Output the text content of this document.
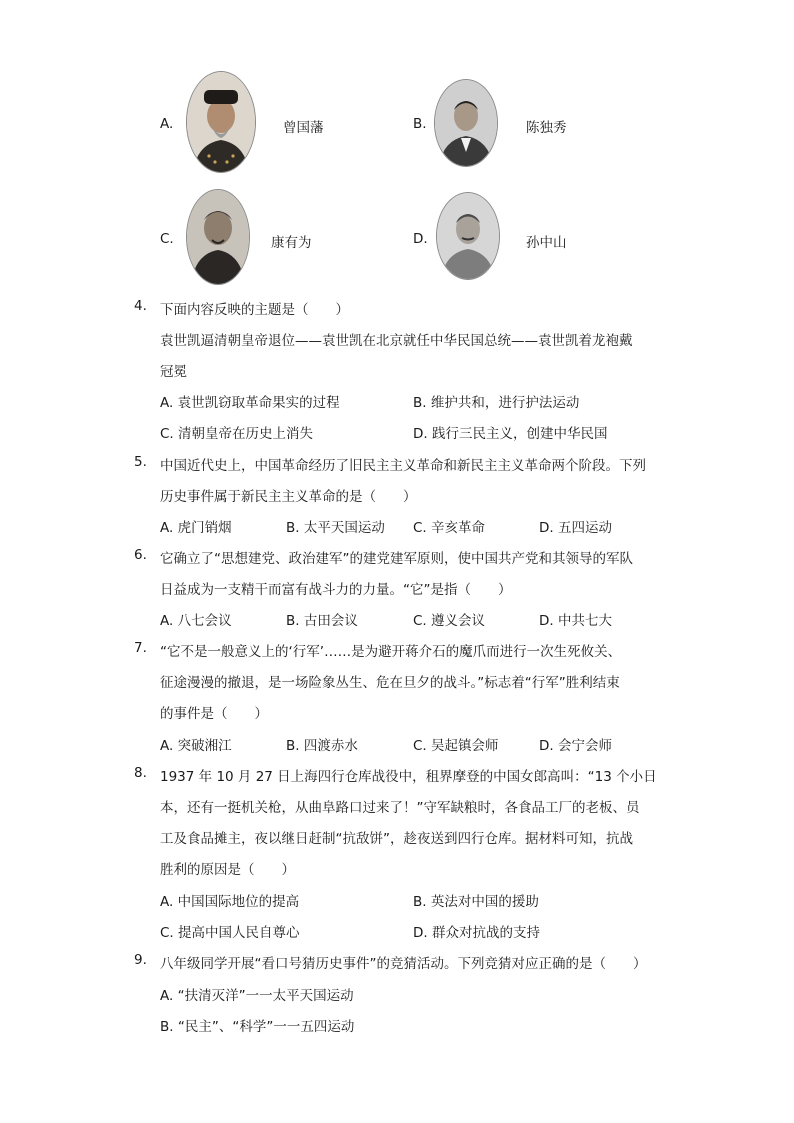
A.	曾国藩	B.	陈独秀
C.	康有为	D.	孙中山
4. 下面内容反映的主题是（　　）
袁世凯逼清朝皇帝退位——袁世凯在北京就任中华民国总统——袁世凯着龙袍戴
冠冕
A. 袁世凯窃取革命果实的过程	B. 维护共和，进行护法运动
C. 清朝皇帝在历史上消失	D. 践行三民主义，创建中华民国
5. 中国近代史上，中国革命经历了旧民主主义革命和新民主主义革命两个阶段。下列
历史事件属于新民主主义革命的是（　　）
A. 虎门销烟	B. 太平天国运动 C. 辛亥革命	D. 五四运动
6. 它确立了“思想建党、政治建军”的建党建军原则，使中国共产党和其领导的军队
日益成为一支精干而富有战斗力的力量。“它”是指（　　）
A. 八七会议	B. 古田会议	C. 遵义会议	D. 中共七大
7. “它不是一般意义上的‘行军’……是为避开蒋介石的魔爪而进行一次生死攸关、
征途漫漫的撤退，是一场险象丛生、危在旦夕的战斗。”标志着“行军”胜利结束
的事件是（　　）
A. 突破湘江	B. 四渡赤水	C. 吴起镇会师	D. 会宁会师
8. 1937 年 10 月 27 日上海四行仓库战役中，租界摩登的中国女郎高叫：“13 个小日
本，还有一挺机关枪，从曲阜路口过来了！”守军缺粮时，各食品工厂的老板、员
工及食品摊主，夜以继日赶制“抗敌饼”，趁夜送到四行仓库。据材料可知，抗战
胜利的原因是（　　）
A. 中国国际地位的提高	B. 英法对中国的援助
C. 提高中国人民自尊心	D. 群众对抗战的支持
9. 八年级同学开展“看口号猜历史事件”的竞猜活动。下列竞猜对应正确的是（　　）
A. “扶清灭洋”一一太平天国运动
B. “民主”、“科学”一一五四运动
